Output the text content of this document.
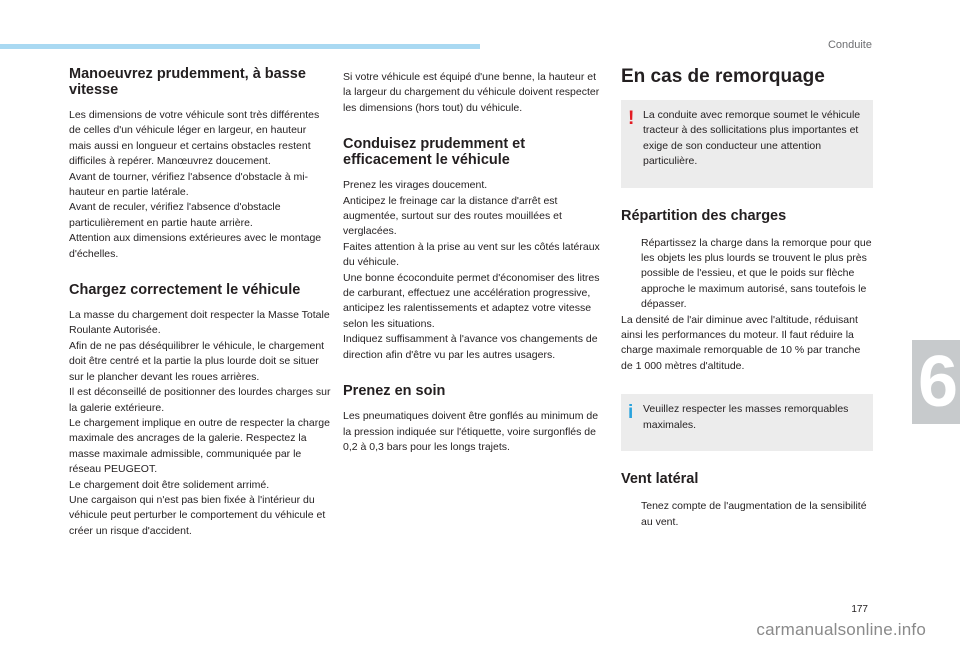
Conduite
6
Manoeuvrez prudemment, à basse vitesse

Les dimensions de votre véhicule sont très différentes de celles d'un véhicule léger en largeur, en hauteur mais aussi en longueur et certains obstacles restent difficiles à repérer. Manœuvrez doucement.

Avant de tourner, vérifiez l'absence d'obstacle à mi-hauteur en partie latérale.

Avant de reculer, vérifiez l'absence d'obstacle particulièrement en partie haute arrière.

Attention aux dimensions extérieures avec le montage d'échelles.

Chargez correctement le véhicule

La masse du chargement doit respecter la Masse Totale Roulante Autorisée.

Afin de ne pas déséquilibrer le véhicule, le chargement doit être centré et la partie la plus lourde doit se situer sur le plancher devant les roues arrières.

Il est déconseillé de positionner des lourdes charges sur la galerie extérieure.

Le chargement implique en outre de respecter la charge maximale des ancrages de la galerie. Respectez la masse maximale admissible, communiquée par le réseau PEUGEOT.

Le chargement doit être solidement arrimé.

Une cargaison qui n'est pas bien fixée à l'intérieur du véhicule peut perturber le comportement du véhicule et créer un risque d'accident.

Si votre véhicule est équipé d'une benne, la hauteur et la largeur du chargement du véhicule doivent respecter les dimensions (hors tout) du véhicule.

Conduisez prudemment et efficacement le véhicule

Prenez les virages doucement.

Anticipez le freinage car la distance d'arrêt est augmentée, surtout sur des routes mouillées et verglacées.

Faites attention à la prise au vent sur les côtés latéraux du véhicule.

Une bonne écoconduite permet d'économiser des litres de carburant, effectuez une accélération progressive, anticipez les ralentissements et adaptez votre vitesse selon les situations.

Indiquez suffisamment à l'avance vos changements de direction afin d'être vu par les autres usagers.

Prenez en soin

Les pneumatiques doivent être gonflés au minimum de la pression indiquée sur l'étiquette, voire surgonflés de 0,2 à 0,3 bars pour les longs trajets.

En cas de remorquage
! La conduite avec remorque soumet le véhicule tracteur à des sollicitations plus importantes et exige de son conducteur une attention particulière.

Répartition des charges

Répartissez la charge dans la remorque pour que les objets les plus lourds se trouvent le plus près possible de l'essieu, et que le poids sur flèche approche le maximum autorisé, sans toutefois le dépasser.

La densité de l'air diminue avec l'altitude, réduisant ainsi les performances du moteur. Il faut réduire la charge maximale remorquable de 10 % par tranche de 1 000 mètres d'altitude.

i Veuillez respecter les masses remorquables maximales.

Vent latéral

Tenez compte de l'augmentation de la sensibilité au vent.

177
carmanualsonline.info
